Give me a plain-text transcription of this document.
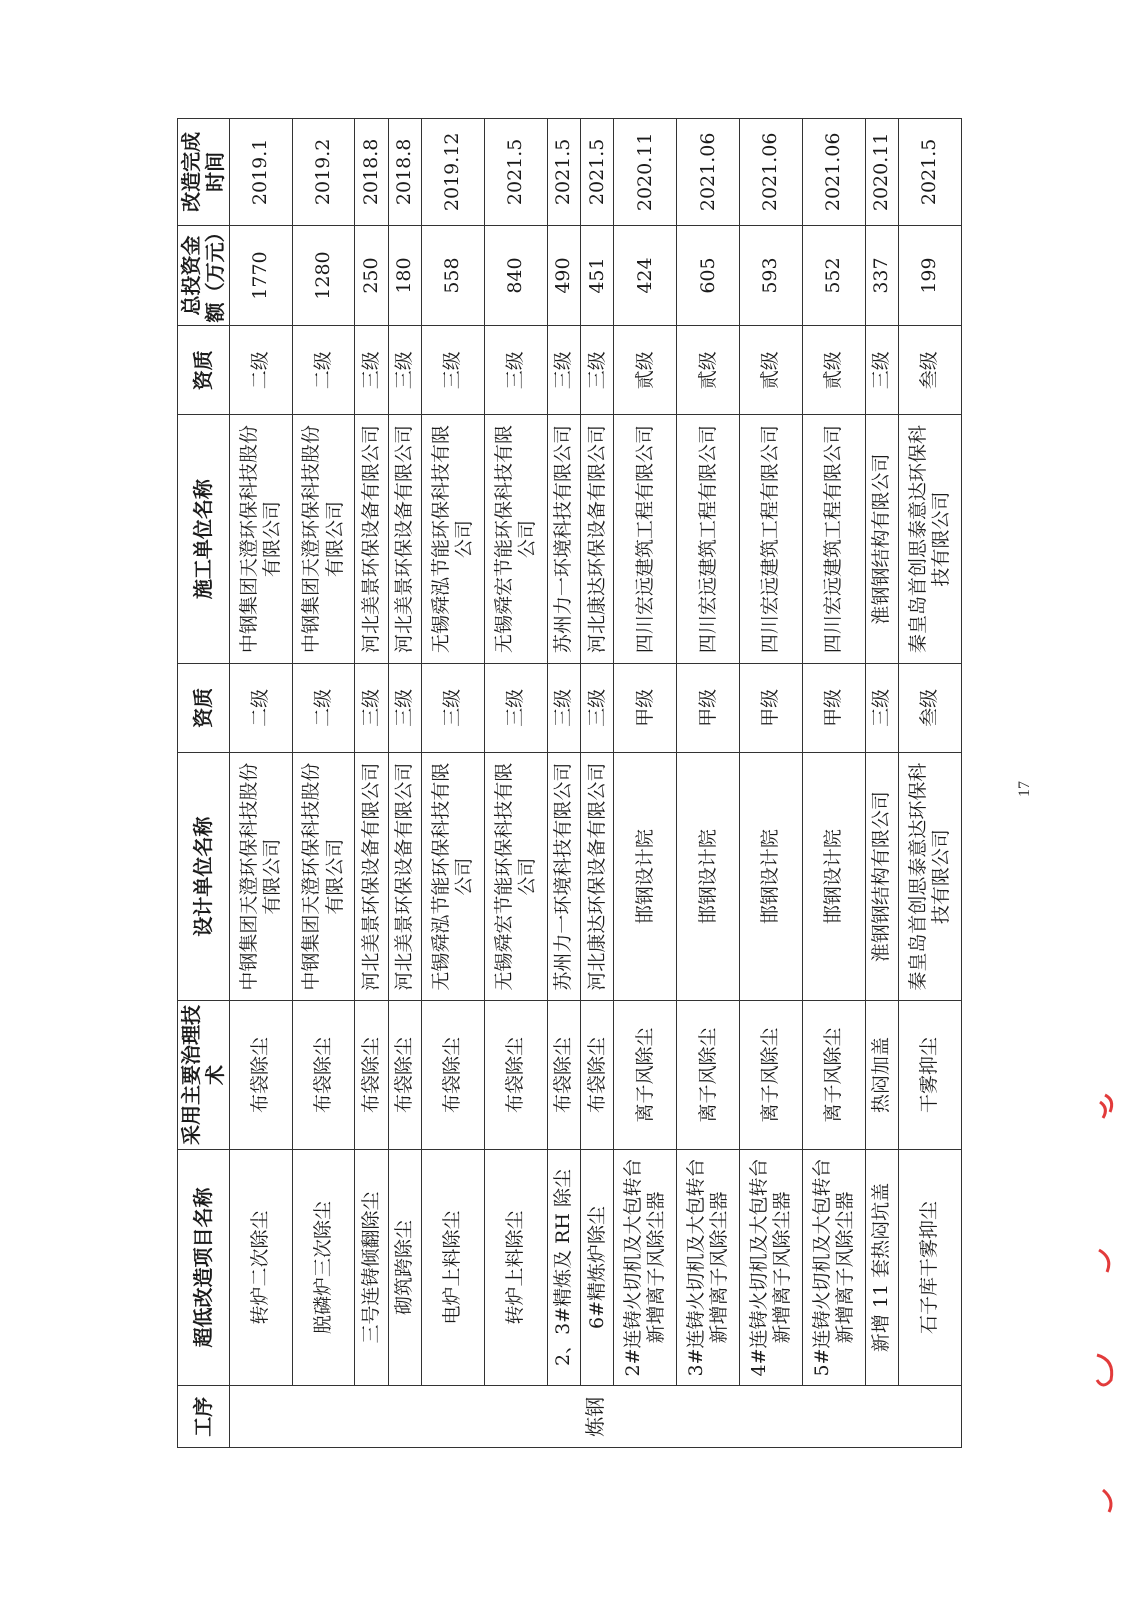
工序	超低改造项目名称	采用主要治理技术	设计单位名称	资质	施工单位名称	资质	总投资金额（万元）	改造完成时间
炼钢	转炉二次除尘	布袋除尘	中钢集团天澄环保科技股份有限公司	二级	中钢集团天澄环保科技股份有限公司	二级	1770	2019.1
	脱磷炉三次除尘	布袋除尘	中钢集团天澄环保科技股份有限公司	二级	中钢集团天澄环保科技股份有限公司	二级	1280	2019.2
	三号连铸倾翻除尘	布袋除尘	河北美景环保设备有限公司	三级	河北美景环保设备有限公司	三级	250	2018.8
	砌筑跨除尘	布袋除尘	河北美景环保设备有限公司	三级	河北美景环保设备有限公司	三级	180	2018.8
	电炉上料除尘	布袋除尘	无锡舜泓节能环保科技有限公司	三级	无锡舜泓节能环保科技有限公司	三级	558	2019.12
	转炉上料除尘	布袋除尘	无锡舜宏节能环保科技有限公司	三级	无锡舜宏节能环保科技有限公司	三级	840	2021.5
	2、3#精炼及 RH 除尘	布袋除尘	苏州力一环境科技有限公司	三级	苏州力一环境科技有限公司	三级	490	2021.5
	6#精炼炉除尘	布袋除尘	河北康达环保设备有限公司	三级	河北康达环保设备有限公司	三级	451	2021.5
	2#连铸火切机及大包转台新增离子风除尘器	离子风除尘	邯钢设计院	甲级	四川宏远建筑工程有限公司	贰级	424	2020.11
	3#连铸火切机及大包转台新增离子风除尘器	离子风除尘	邯钢设计院	甲级	四川宏远建筑工程有限公司	贰级	605	2021.06
	4#连铸火切机及大包转台新增离子风除尘器	离子风除尘	邯钢设计院	甲级	四川宏远建筑工程有限公司	贰级	593	2021.06
	5#连铸火切机及大包转台新增离子风除尘器	离子风除尘	邯钢设计院	甲级	四川宏远建筑工程有限公司	贰级	552	2021.06
	新增 11 套热闷坑盖	热闷加盖	淮钢钢结构有限公司	三级	淮钢钢结构有限公司	三级	337	2020.11
	石子库干雾抑尘	干雾抑尘	秦皇岛首创思泰意达环保科技有限公司	叁级	秦皇岛首创思泰意达环保科技有限公司	叁级	199	2021.5
17
